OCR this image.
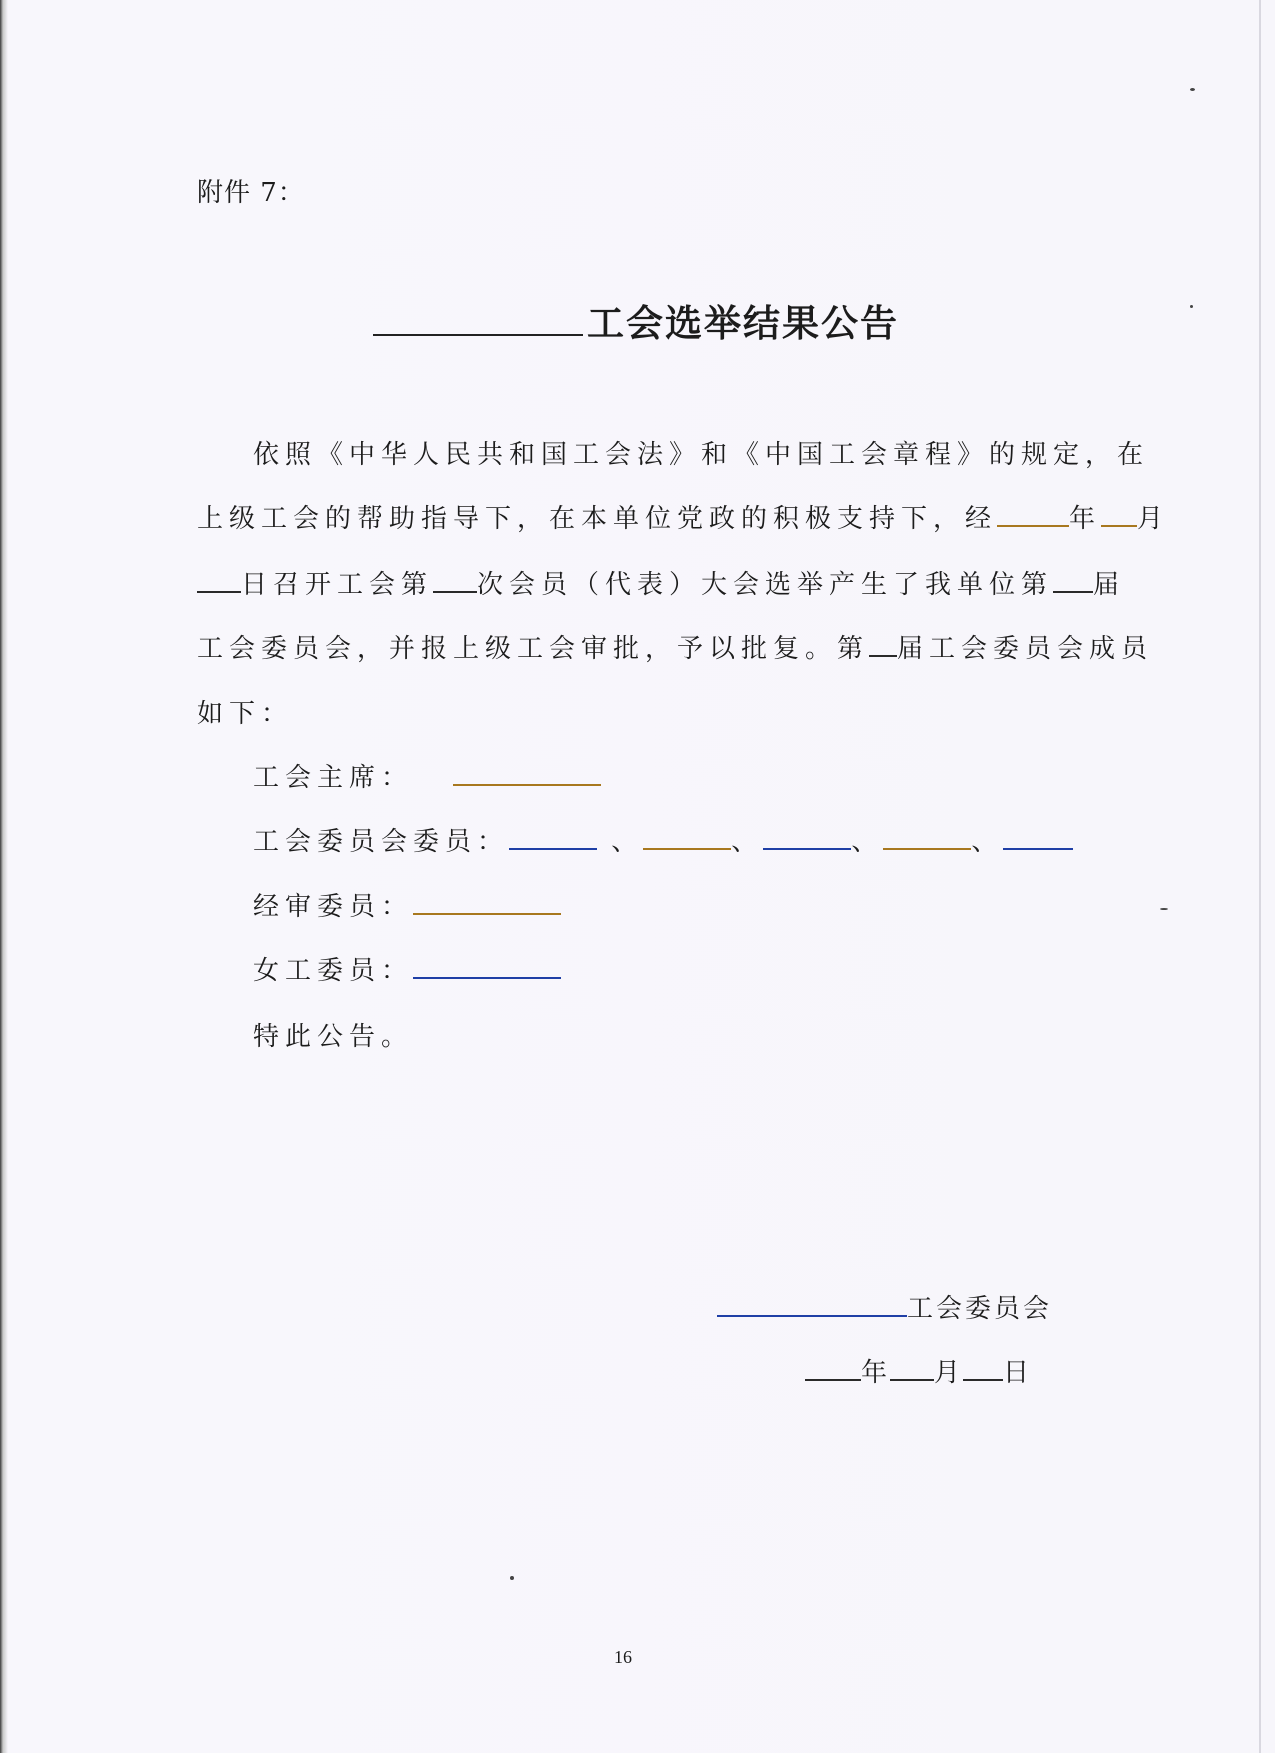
附件 7：
工会选举结果公告
依照《中华人民共和国工会法》和《中国工会章程》的规定，在
上级工会的帮助指导下，在本单位党政的积极支持下，经	年 月
日召开工会第 次会员（代表）大会选举产生了我单位第 届
工会委员会，并报上级工会审批，予以批复。第 届工会委员会成员
如下：
工会主席：
工会委员会委员：	、	、	、	、
经审委员：
女工委员：
特此公告。
工会委员会
年 月 日
16
